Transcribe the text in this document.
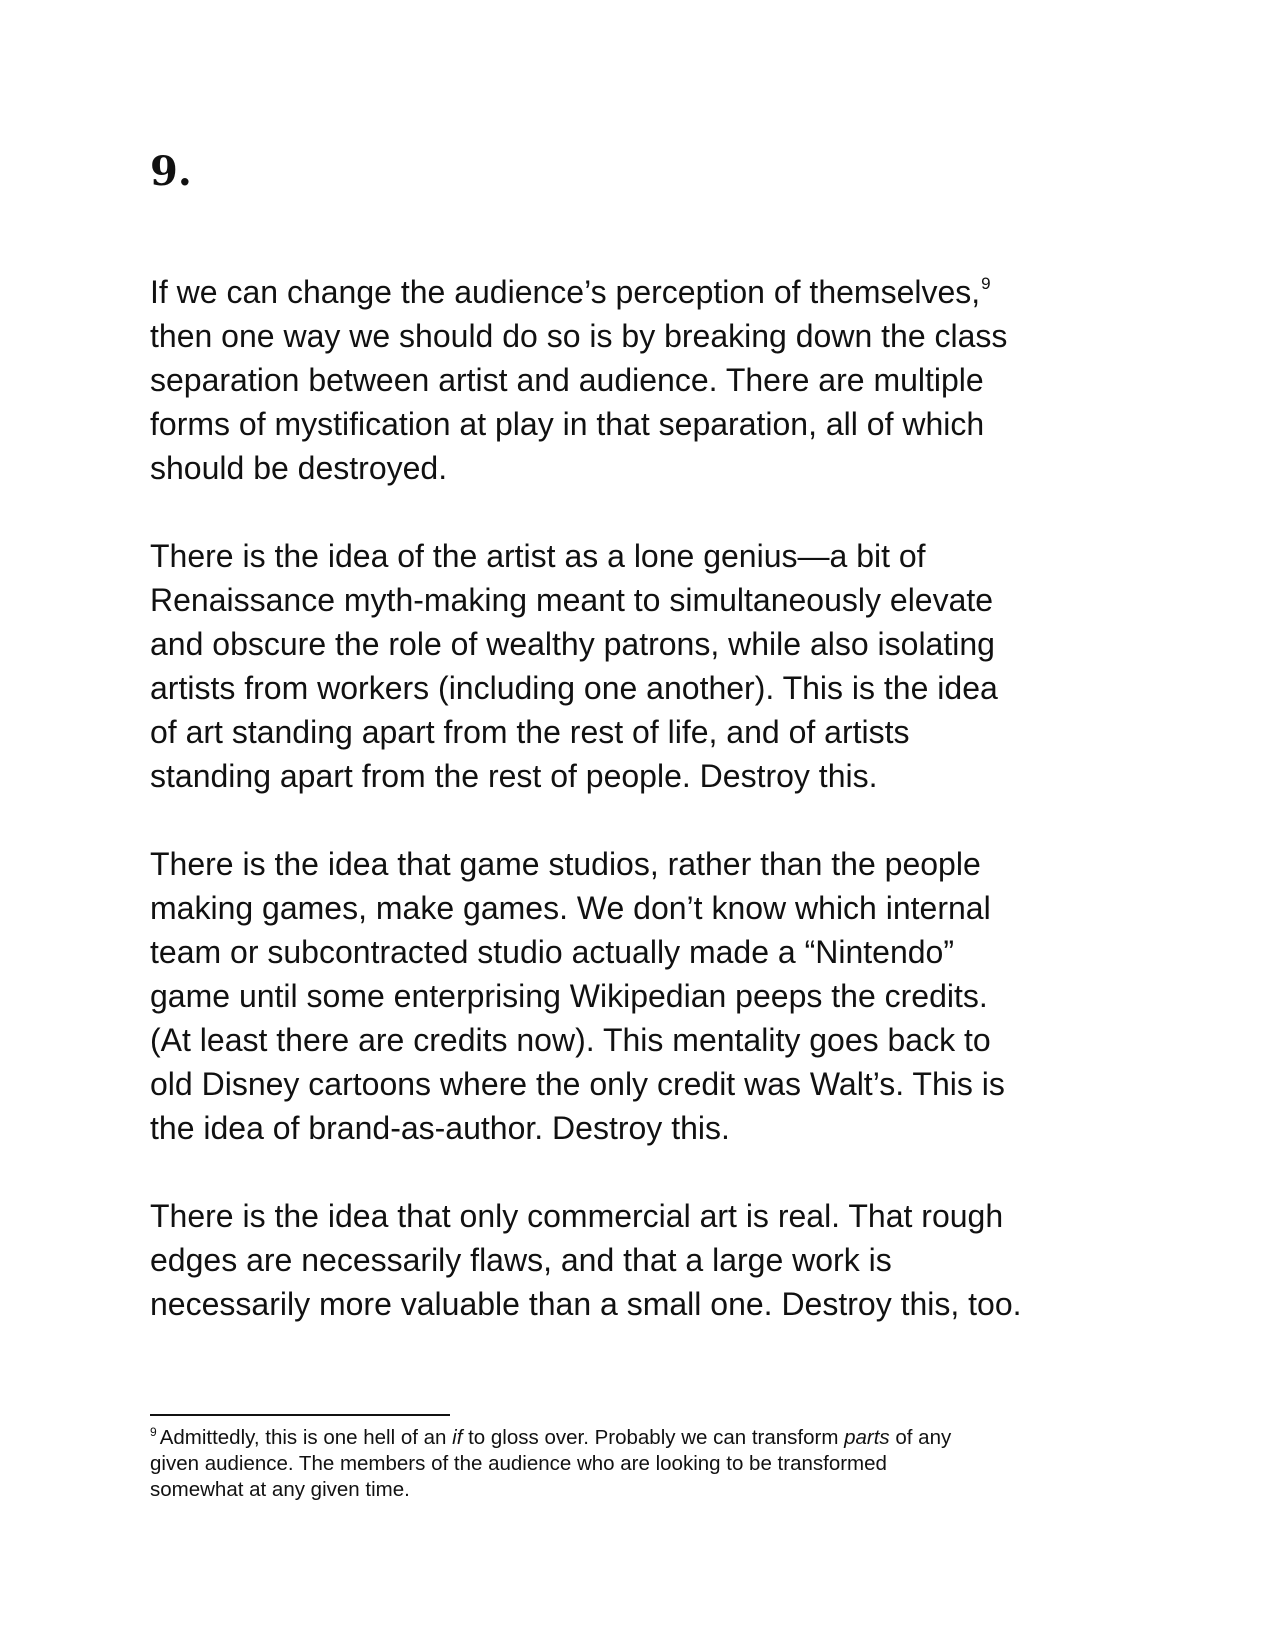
9.

If we can change the audience’s perception of themselves,$^9$
then one way we should do so is by breaking down the class
separation between artist and audience. There are multiple
forms of mystification at play in that separation, all of which
should be destroyed.

There is the idea of the artist as a lone genius—a bit of
Renaissance myth-making meant to simultaneously elevate
and obscure the role of wealthy patrons, while also isolating
artists from workers (including one another). This is the idea
of art standing apart from the rest of life, and of artists
standing apart from the rest of people. Destroy this.

There is the idea that game studios, rather than the people
making games, make games. We don’t know which internal
team or subcontracted studio actually made a “Nintendo”
game until some enterprising Wikipedian peeps the credits.
(At least there are credits now). This mentality goes back to
old Disney cartoons where the only credit was Walt’s. This is
the idea of brand-as-author. Destroy this.

There is the idea that only commercial art is real. That rough
edges are necessarily flaws, and that a large work is
necessarily more valuable than a small one. Destroy this, too.

$^9$ Admittedly, this is one hell of an if to gloss over. Probably we can transform parts of any
given audience. The members of the audience who are looking to be transformed
somewhat at any given time.
